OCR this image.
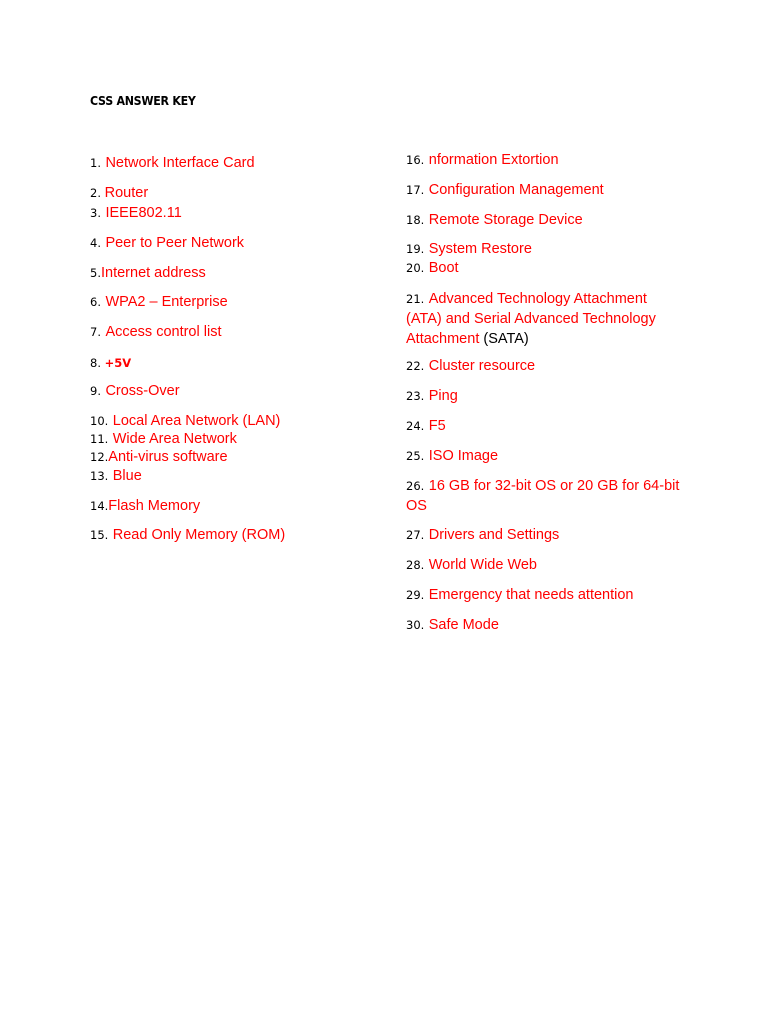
CSS ANSWER KEY
1. Network Interface Card
2. Router
3. IEEE802.11
4. Peer to Peer Network
5.Internet address
6. WPA2 – Enterprise
7. Access control list
8. +5V
9. Cross-Over
10. Local Area Network (LAN)
11. Wide Area Network
12.Anti-virus software
13. Blue
14.Flash Memory
15. Read Only Memory (ROM)
16. nformation Extortion
17. Configuration Management
18. Remote Storage Device
19. System Restore
20. Boot
21. Advanced Technology Attachment (ATA) and Serial Advanced Technology Attachment (SATA)
22. Cluster resource
23. Ping
24. F5
25. ISO Image
26. 16 GB for 32-bit OS or 20 GB for 64-bit OS
27. Drivers and Settings
28. World Wide Web
29. Emergency that needs attention
30. Safe Mode
